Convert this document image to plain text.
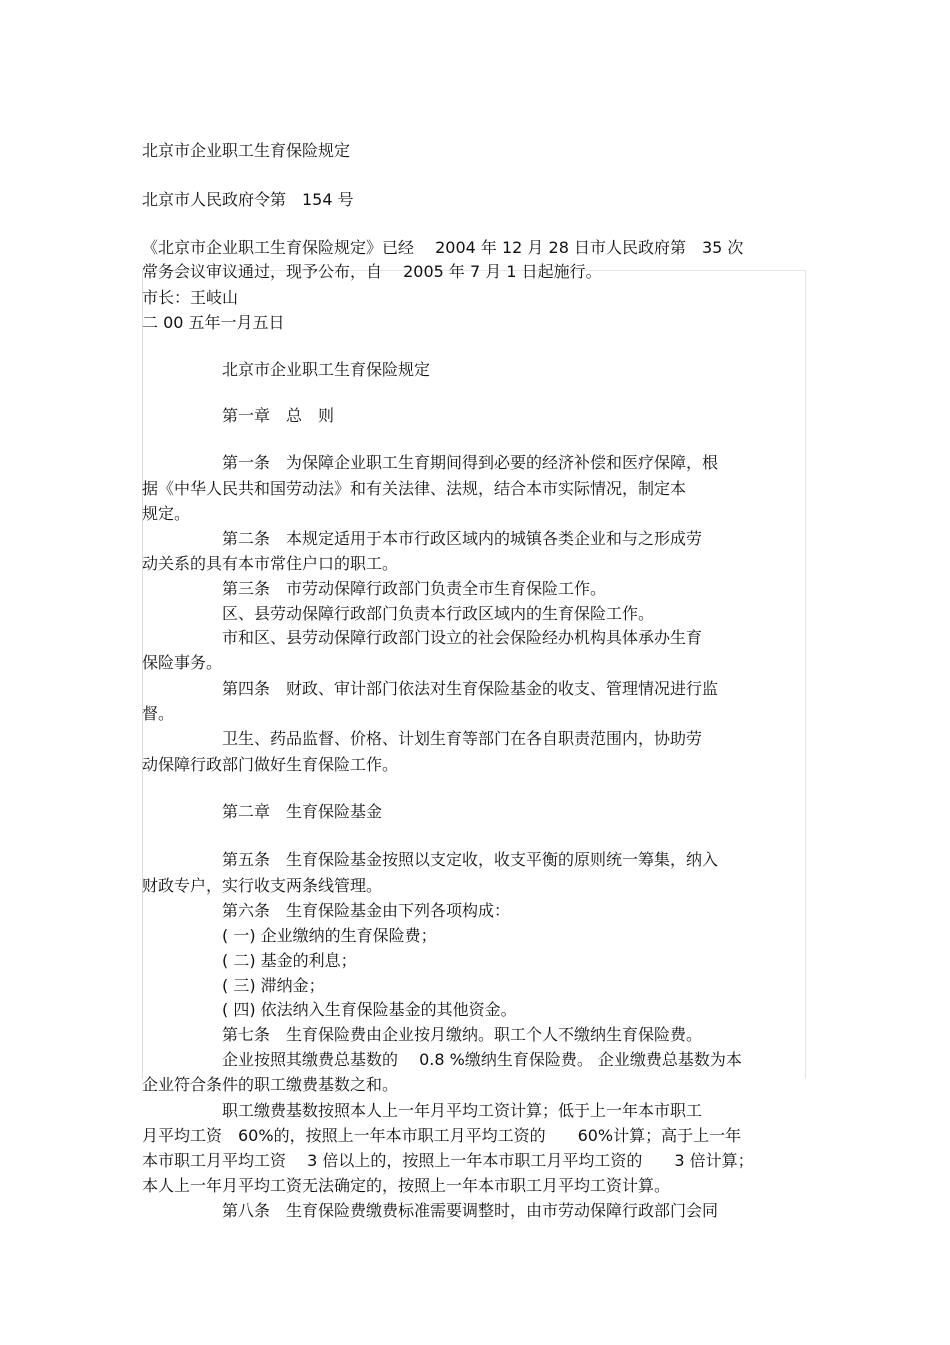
北京市企业职工生育保险规定
北京市人民政府令第　154 号
《北京市企业职工生育保险规定》已经　 2004 年 12 月 28 日市人民政府第　35 次
常务会议审议通过，现予公布，自　 2005 年 7 月 1 日起施行。
市长：王岐山
二 00 五年一月五日
北京市企业职工生育保险规定
第一章　总　则
第一条　为保障企业职工生育期间得到必要的经济补偿和医疗保障，根
据《中华人民共和国劳动法》和有关法律、法规，结合本市实际情况，制定本
规定。
第二条　本规定适用于本市行政区域内的城镇各类企业和与之形成劳
动关系的具有本市常住户口的职工。
第三条　市劳动保障行政部门负责全市生育保险工作。
区、县劳动保障行政部门负责本行政区域内的生育保险工作。
市和区、县劳动保障行政部门设立的社会保险经办机构具体承办生育
保险事务。
第四条　财政、审计部门依法对生育保险基金的收支、管理情况进行监
督。
卫生、药品监督、价格、计划生育等部门在各自职责范围内，协助劳
动保障行政部门做好生育保险工作。
第二章　生育保险基金
第五条　生育保险基金按照以支定收，收支平衡的原则统一筹集，纳入
财政专户，实行收支两条线管理。
第六条　生育保险基金由下列各项构成：
( 一) 企业缴纳的生育保险费；
( 二) 基金的利息；
( 三) 滞纳金；
( 四) 依法纳入生育保险基金的其他资金。
第七条　生育保险费由企业按月缴纳。职工个人不缴纳生育保险费。
企业按照其缴费总基数的　 0.8 %缴纳生育保险费。 企业缴费总基数为本
企业符合条件的职工缴费基数之和。
职工缴费基数按照本人上一年月平均工资计算；低于上一年本市职工
月平均工资　60%的，按照上一年本市职工月平均工资的　　60%计算；高于上一年
本市职工月平均工资　 3 倍以上的，按照上一年本市职工月平均工资的　　3 倍计算；
本人上一年月平均工资无法确定的，按照上一年本市职工月平均工资计算。
第八条　生育保险费缴费标准需要调整时，由市劳动保障行政部门会同
